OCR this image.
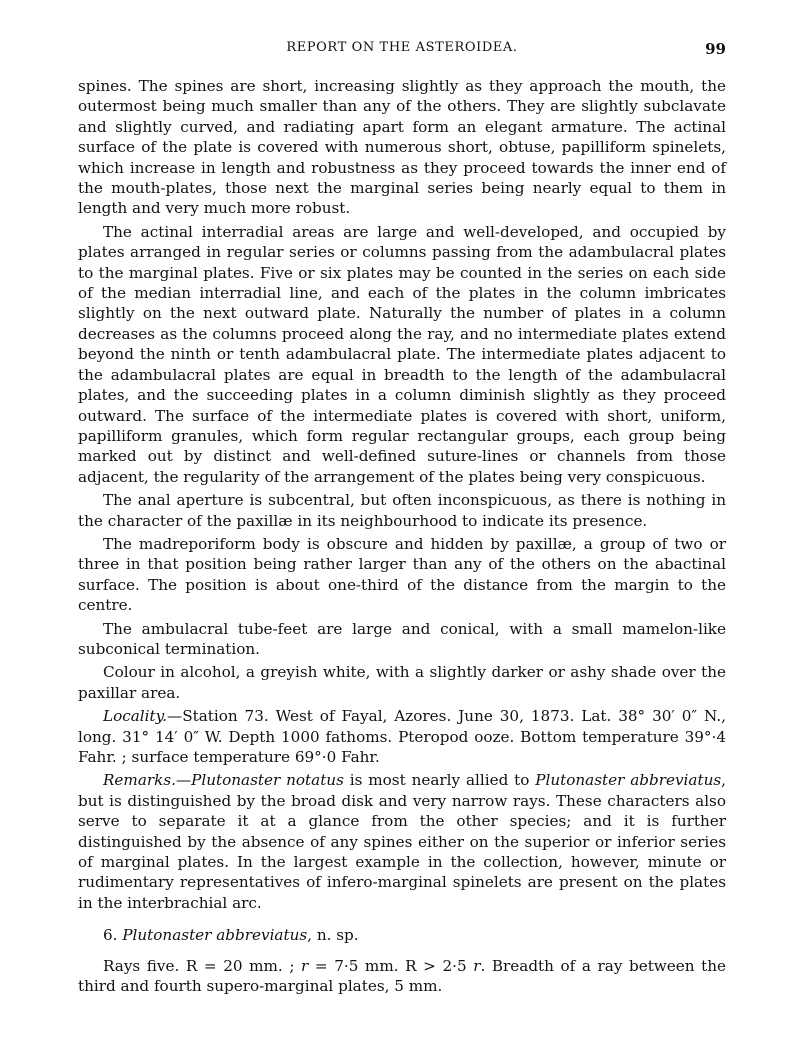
REPORT ON THE ASTEROIDEA.	99

spines. The spines are short, increasing slightly as they approach the mouth, the outermost being much smaller than any of the others. They are slightly subclavate and slightly curved, and radiating apart form an elegant armature. The actinal surface of the plate is covered with numerous short, obtuse, papilliform spinelets, which increase in length and robustness as they proceed towards the inner end of the mouth-plates, those next the marginal series being nearly equal to them in length and very much more robust.

The actinal interradial areas are large and well-developed, and occupied by plates arranged in regular series or columns passing from the adambulacral plates to the marginal plates. Five or six plates may be counted in the series on each side of the median interradial line, and each of the plates in the column imbricates slightly on the next outward plate. Naturally the number of plates in a column decreases as the columns proceed along the ray, and no intermediate plates extend beyond the ninth or tenth adambulacral plate. The intermediate plates adjacent to the adambulacral plates are equal in breadth to the length of the adambulacral plates, and the succeeding plates in a column diminish slightly as they proceed outward. The surface of the intermediate plates is covered with short, uniform, papilliform granules, which form regular rectangular groups, each group being marked out by distinct and well-defined suture-lines or channels from those adjacent, the regularity of the arrangement of the plates being very conspicuous.

The anal aperture is subcentral, but often inconspicuous, as there is nothing in the character of the paxillæ in its neighbourhood to indicate its presence.

The madreporiform body is obscure and hidden by paxillæ, a group of two or three in that position being rather larger than any of the others on the abactinal surface. The position is about one-third of the distance from the margin to the centre.

The ambulacral tube-feet are large and conical, with a small mamelon-like subconical termination.

Colour in alcohol, a greyish white, with a slightly darker or ashy shade over the paxillar area.

Locality.—Station 73. West of Fayal, Azores. June 30, 1873. Lat. 38° 30′ 0″ N., long. 31° 14′ 0″ W. Depth 1000 fathoms. Pteropod ooze. Bottom temperature 39°·4 Fahr. ; surface temperature 69°·0 Fahr.

Remarks.—Plutonaster notatus is most nearly allied to Plutonaster abbreviatus, but is distinguished by the broad disk and very narrow rays. These characters also serve to separate it at a glance from the other species; and it is further distinguished by the absence of any spines either on the superior or inferior series of marginal plates. In the largest example in the collection, however, minute or rudimentary representatives of infero-marginal spinelets are present on the plates in the interbrachial arc.

6. Plutonaster abbreviatus, n. sp.

Rays five. R = 20 mm. ; r = 7·5 mm. R > 2·5 r. Breadth of a ray between the third and fourth supero-marginal plates, 5 mm.
